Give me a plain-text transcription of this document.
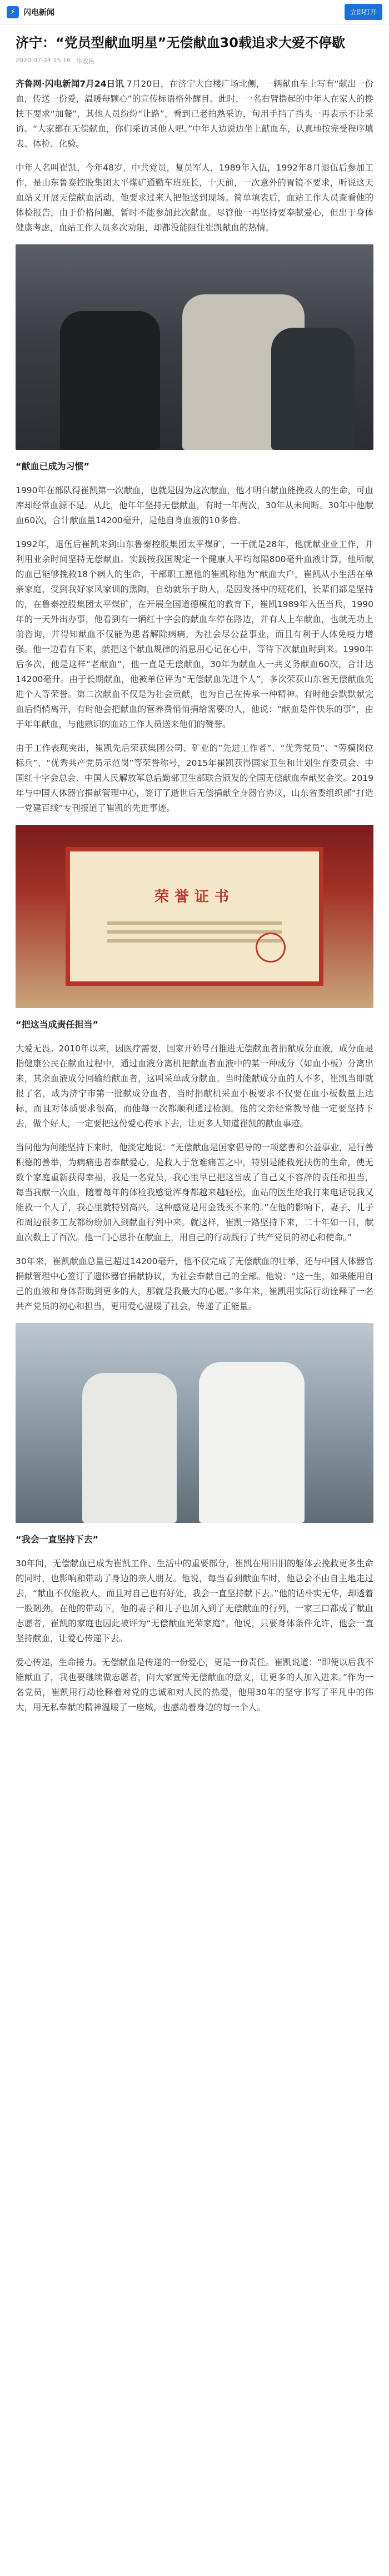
⚡	闪电新闻	立即打开
济宁：“党员型献血明星”无偿献血30载追求大爱不停歇
2020-07-24 15:16 牛政民

齐鲁网·闪电新闻7月24日讯 7月20日，在济宁大白楼广场北侧，一辆献血车上写有“献出一份血，传送一份爱，温暖每颗心”的宣传标语格外醒目。此时，一名右臂撸起的中年人在家人的搀扶下要求“加餐”，其他人员纷纷“让路”，看到已老拍熟采访，句用手挡了挡头一再表示不让采访。“大家都在无偿献血，你们采访其他人吧。”中年人边说边坐上献血车，认真地按完受程序填表、体检、化验。

中年人名叫崔凯，今年48岁，中共党员，复员军人，1989年入伍，1992年8月退伍后参加工作，是山东鲁泰控股集团太平煤矿通勤车班班长，十天前，一次意外的胃镜不要求，听说这天血站又开展无偿献血活动，他要求过来人把他送到现场。简单填表后，血站工作人员查看他的体检报告，由于价格问题，暂时不能参加此次献血。尽管他一再坚持要奉献爱心，但出于身体健康考虑，血站工作人员多次劝阻，却都没能阻住崔凯献血的热情。

“献血已成为习惯”

1990年在部队得崔凯第一次献血，也就是因为这次献血，他才明白献血能挽救人的生命，可血库却经常血源不足。从此，他年年坚持无偿献血，有时一年两次，30年从未间断。30年中他献血60次，合计献血量14200毫升，是他自身血液的10多倍。

1992年，退伍后崔凯来到山东鲁泰控股集团太平煤矿，一干就是28年，他就献业业工作，并利用业余时间坚持无偿献血。实践按我国规定一个健康人平均每隔800毫升血液计算，他所献的血已能够挽救18个病人的生命，干部职工愿他的崔凯称他为“献血大户，崔凯从小生活在单亲家庭，受到我好家风家训的熏陶，自幼就乐于助人，是因发扬中的班花们，长辈们都是坚持的，在鲁泰控股集团太平煤矿，在开展全国道德模范的教育下，崔凯1989年入伍当兵，1990年的一天外出办事，他看到有一辆红十字会的献血车停在路边，并有人上车献血，也就无功上前咨询，并得知献血不仅能为患者解除病痛，为社会尽公益事业，而且有利于人体免疫力增强。他一边看有下来，就把这个献血规律的消息用心记在心中，等待下次献血时到来。1990年后多次，他是这样“老献血”，他一直是无偿献血，30年为献血人一共义务献血60次，合计达14200毫升。由于长期献血，他被单位评为“无偿献血先进个人”，多次荣获山东省无偿献血先进个人等荣誉。第二次献血不仅是为社会贡献，也为自己在传承一种精神。有时他会默默献完血后悄悄离开，有时他会把献血的营养费悄悄捐给需要的人，他说：“献血是件快乐的事”，由于年年献血，与他熟识的血站工作人员送来他们的赞誉。

由于工作表现突出，崔凯先后荣获集团公司、矿业的“先进工作者”、“优秀党员”、“劳模岗位标兵”、“优秀共产党员示范岗”等荣誉称号，2015年崔凯获得国家卫生和计划生育委员会、中国红十字会总会、中国人民解放军总后勤部卫生部联合颁发的全国无偿献血奉献奖金奖。2019年与中国人体器官捐献管理中心，签订了逝世后无偿捐献全身器官协议，山东省委组织部“打造一党建百线”专刊报道了崔凯的先进事迹。

荣誉证书
“把这当成责任担当”

大爱无畏。2010年以来，因医疗需要，国家开始号召推进无偿献血者捐献成分血液，成分血是指健康公民在献血过程中，通过血液分离机把献血者血液中的某一种成分（如血小板）分离出来，其余血液成分回输给献血者，这叫采单成分献血。当时能献成分血的人不多，崔凯当即就报了名，成为济宁市第一批献成分血者，当时捐献机采血小板要求不仅要在血小板数量上达标，而且对体质要求很高，而他每一次都顺利通过检测。他的父亲经常教导他一定要坚持下去，做个好人，一定要把这份爱心传承下去，让更多人知道崔凯的献血事迹。

当问他为何能坚持下来时，他淡定地说：“无偿献血是国家倡导的一项慈善和公益事业，是行善积德的善举，为病痛患者奉献爱心，是救人于危难痛苦之中，特别是能救死扶伤的生命，使无数个家庭重新获得幸福，我是一名党员，我心里早已把这当成了自己义不容辞的责任和担当，每当我献一次血，随着每年的体检我感觉浑身都越来越轻松，血站的医生给我打来电话说我又能救一个人了，我心里就特别高兴，这种感觉是用金钱买不来的。”在他的影响下，妻子、儿子和周边很多工友都纷纷加入到献血行列中来。就这样，崔凯一路坚持下来，二十年如一日，献血次数上了百次。他一门心思扑在献血上，用自己的行动践行了共产党员的初心和使命。”

30年来，崔凯献血总量已超过14200毫升，他不仅完成了无偿献血的壮举，还与中国人体器官捐献管理中心签订了遗体器官捐献协议，为社会奉献自己的全部。他说：“这一生，如果能用自己的血液和身体帮助到更多的人，那就是我最大的心愿。”多年来，崔凯用实际行动诠释了一名共产党员的初心和担当，更用爱心温暖了社会，传递了正能量。

“我会一直坚持下去”

30年间，无偿献血已成为崔凯工作、生活中的重要部分，崔凯在用旧旧的躯体去挽救更多生命的同时，也影响和带动了身边的亲人朋友。他说，每当看到献血车时，他总会不由自主地走过去，“献血不仅能救人，而且对自己也有好处，我会一直坚持献下去。”他的话朴实无华，却透着一股韧劲。在他的带动下，他的妻子和儿子也加入到了无偿献血的行列，一家三口都成了献血志愿者，崔凯的家庭也因此被评为“无偿献血光荣家庭”。他说，只要身体条件允许，他会一直坚持献血，让爱心传递下去。

爱心传递，生命接力。无偿献血是传递的一份爱心，更是一份责任。崔凯说道：“即便以后我不能献血了，我也要继续做志愿者，向大家宣传无偿献血的意义，让更多的人加入进来。”作为一名党员，崔凯用行动诠释着对党的忠诚和对人民的热爱，他用30年的坚守书写了平凡中的伟大，用无私奉献的精神温暖了一座城，也感动着身边的每一个人。
